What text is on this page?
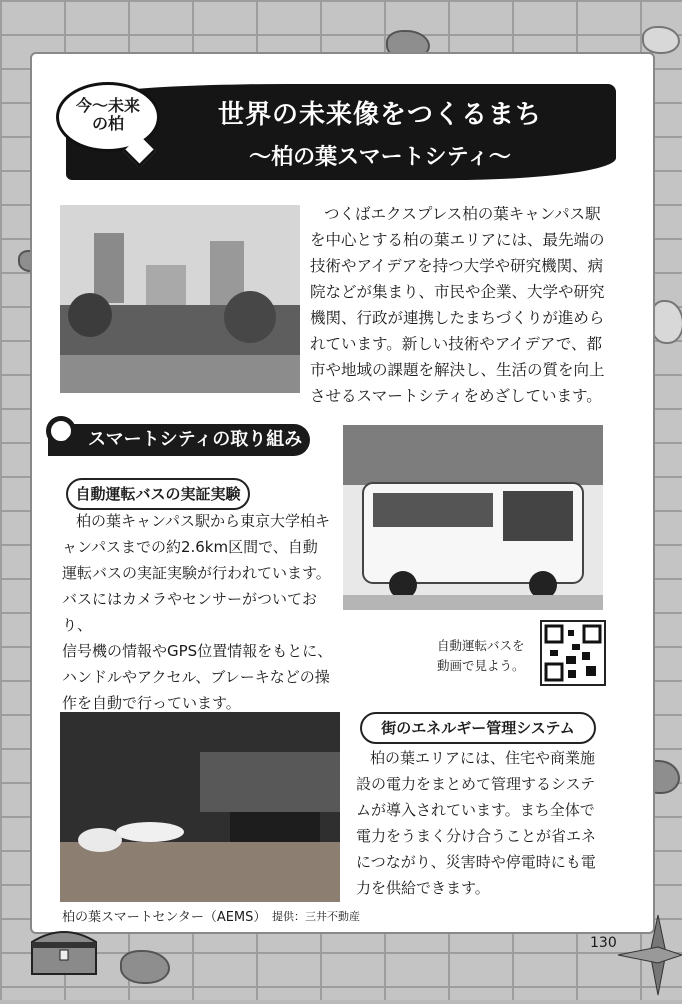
今〜未来
の柏	世界の未来像をつくるまち
〜柏の葉スマートシティ〜
つくばエクスプレス柏の葉キャンパス駅
を中心とする柏の葉エリアには、最先端の
技術やアイデアを持つ大学や研究機関、病
院などが集まり、市民や企業、大学や研究
機関、行政が連携したまちづくりが進めら
れています。新しい技術やアイデアで、都
市や地域の課題を解決し、生活の質を向上
させるスマートシティをめざしています。
スマートシティの取り組み
自動運転バスの実証実験
柏の葉キャンパス駅から東京大学柏キ
ャンパスまでの約2.6km区間で、自動
運転バスの実証実験が行われています。
バスにはカメラやセンサーがついており、
信号機の情報やGPS位置情報をもとに、
ハンドルやアクセル、ブレーキなどの操
作を自動で行っています。
自動運転バスを
動画で見よう。
街のエネルギー管理システム
柏の葉エリアには、住宅や商業施
設の電力をまとめて管理するシステ
ムが導入されています。まち全体で
電力をうまく分け合うことが省エネ
につながり、災害時や停電時にも電
力を供給できます。
柏の葉スマートセンター（AEMS） 提供：三井不動産
130
